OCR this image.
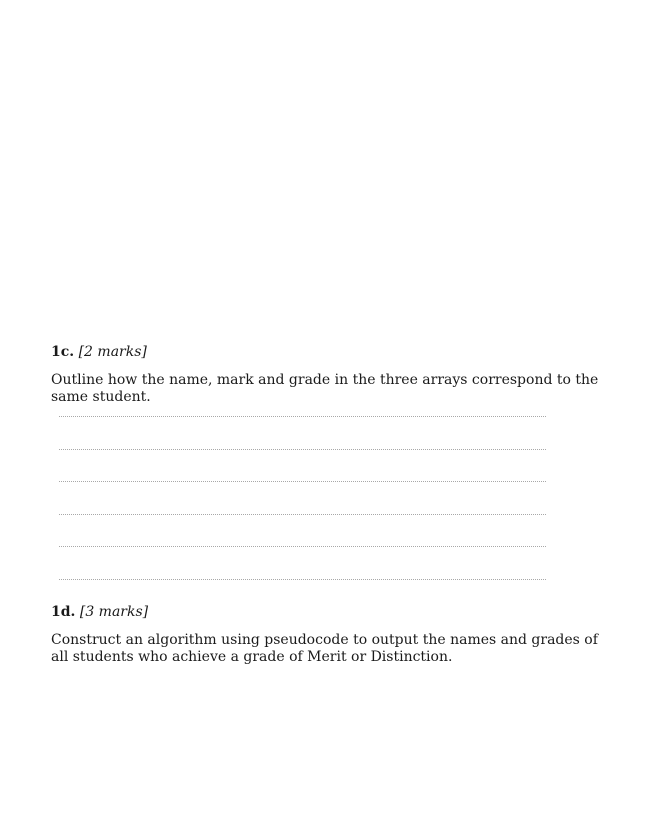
1c. [2 marks]
Outline how the name, mark and grade in the three arrays correspond to the same student.
1d. [3 marks]
Construct an algorithm using pseudocode to output the names and grades of all students who achieve a grade of Merit or Distinction.
